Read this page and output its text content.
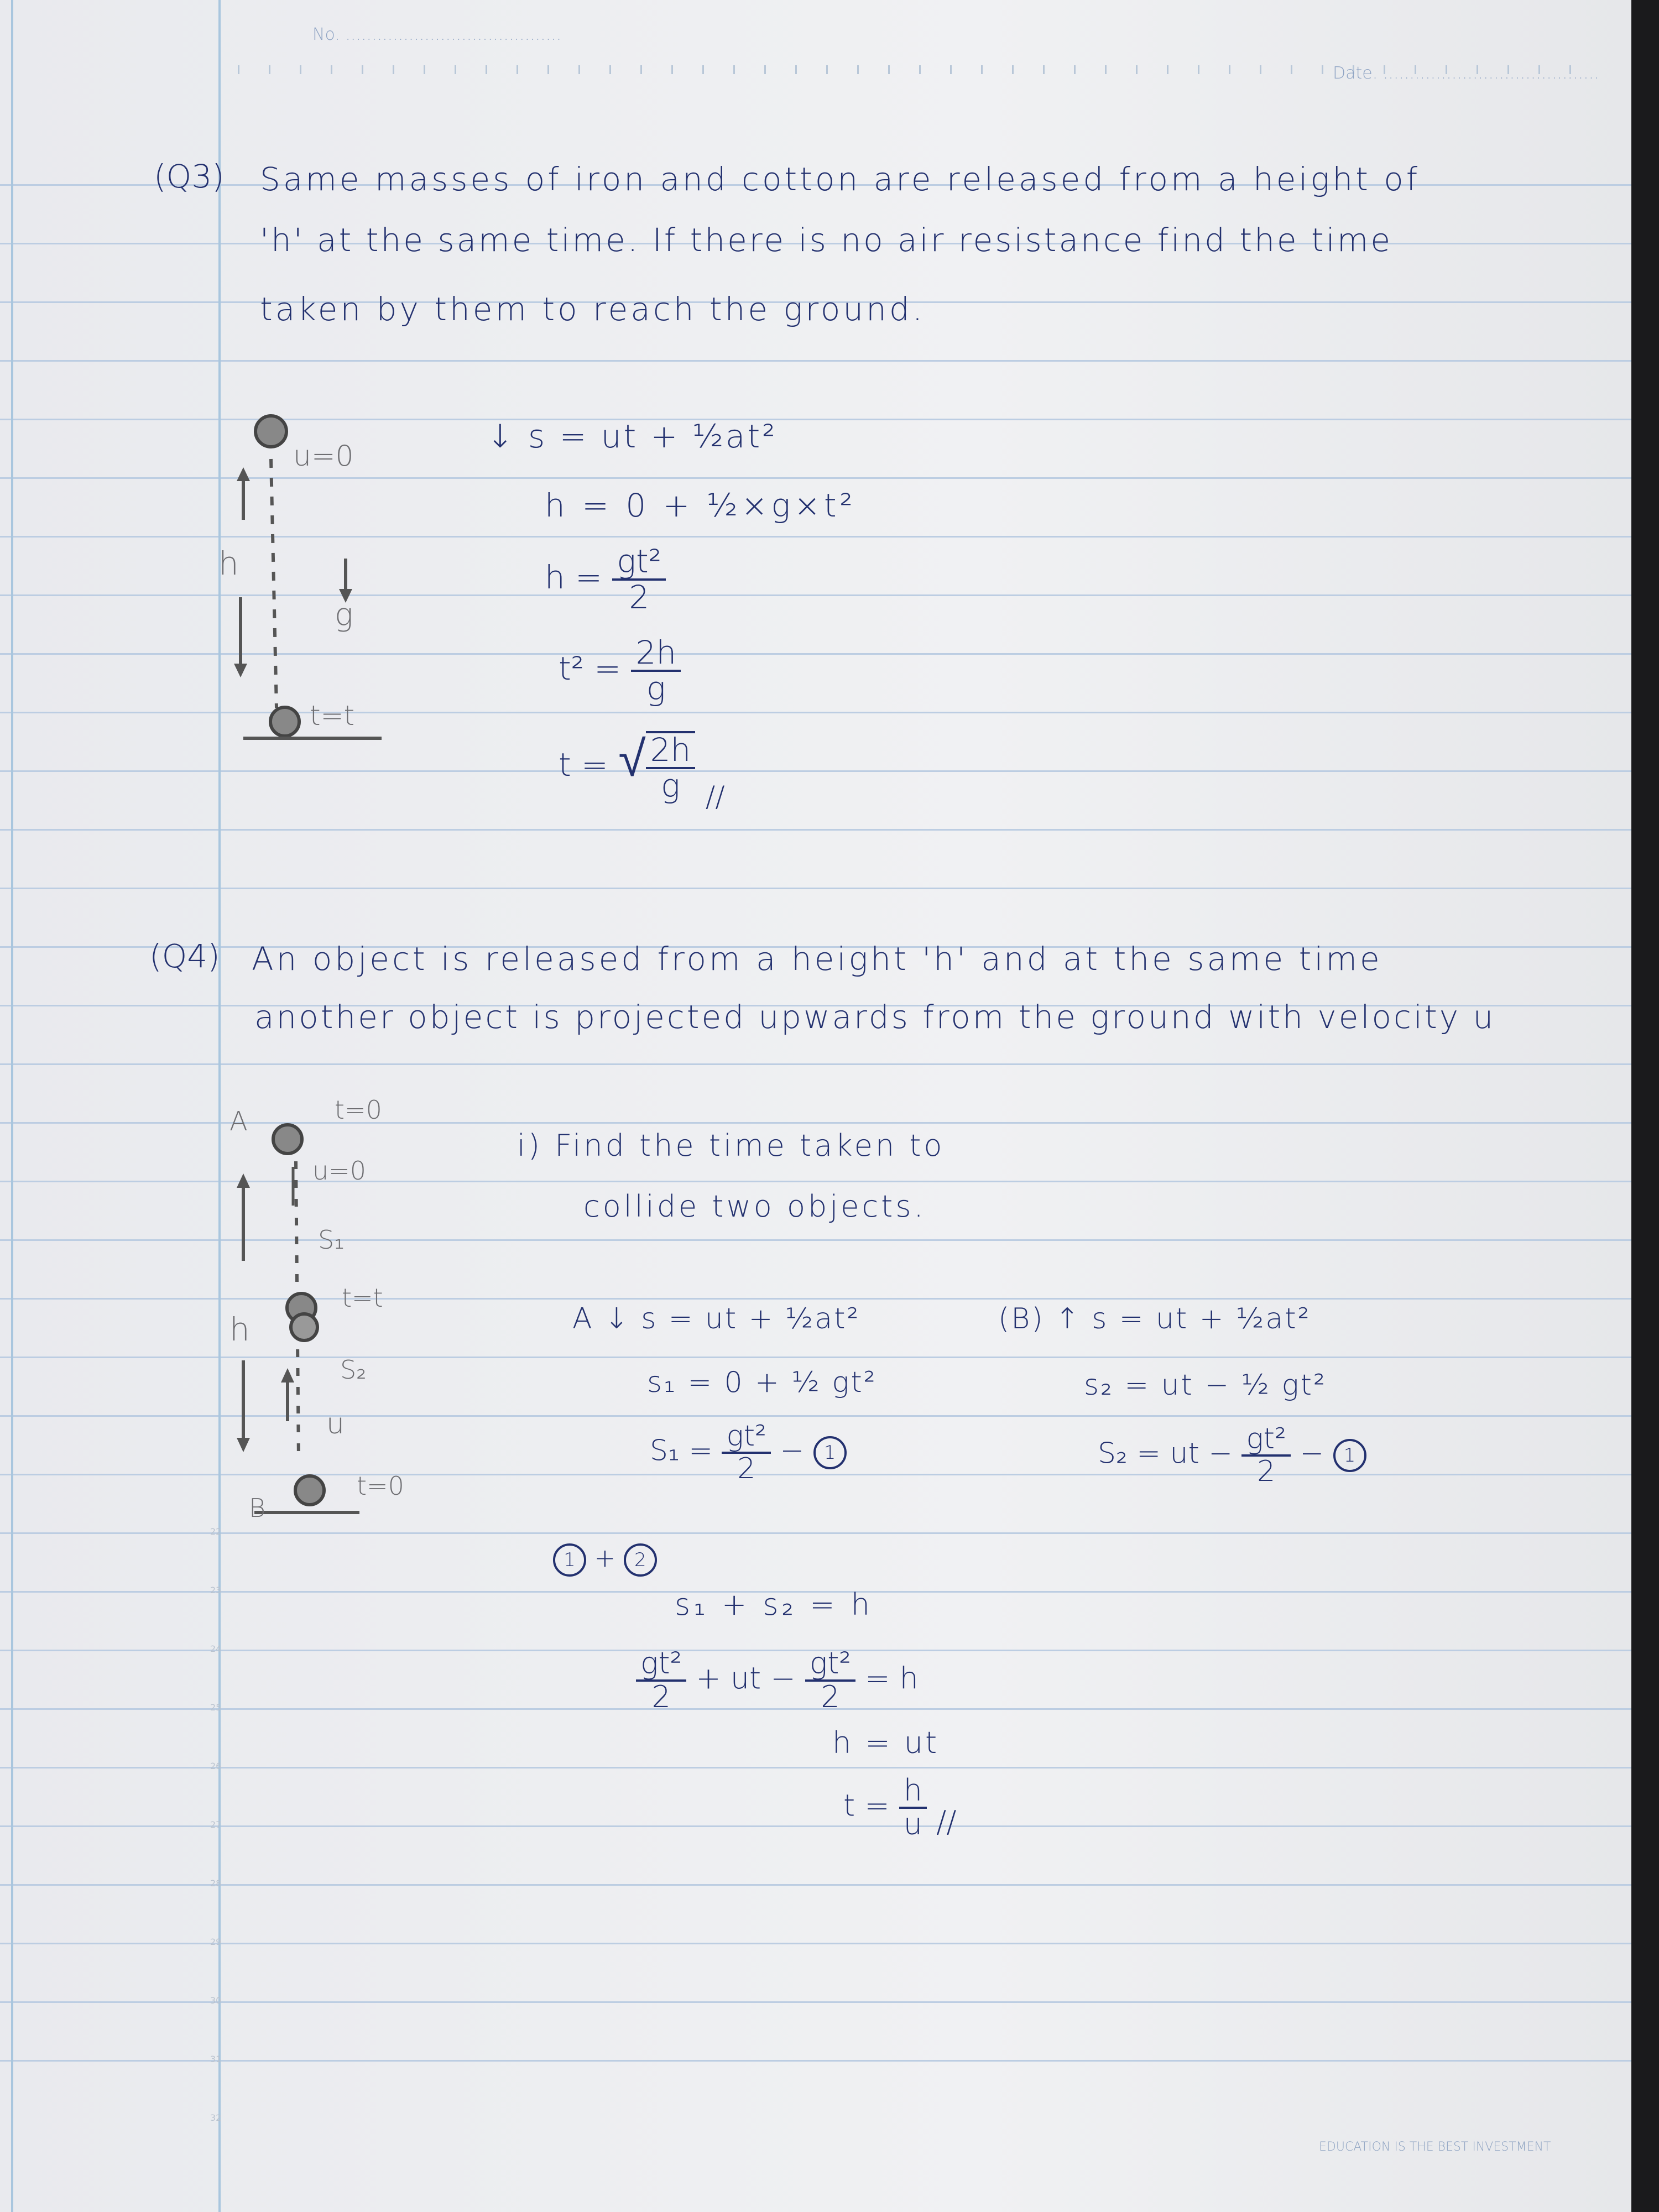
No. .........................................
Date. .........................................
(Q3) Same masses of iron and cotton are released from a height of
'h' at the same time. If there is no air resistance find the time
taken by them to reach the ground.
u=0
h
g
t=t
↓ s = ut + ½at²
h = 0 + ½×g×t²
$h = \frac{\text{gt²}}{2}$
$t^2 = \frac{2h}{g}$
t = √ $\frac{2h}{g}$ //
(Q4) An object is released from a height 'h' and at the same time
another object is projected upwards from the ground with velocity u
A	t=0
u=0
S₁
t=t
h
S₂
u
B
t=0
i) Find the time taken to
collide two objects.
A ↓ s = ut + ½at²
s₁ = 0 + ½ gt²
$S_1 = \frac{\text{gt²}}{2} - 1$
(B) ↑ s = ut + ½at²
s₂ = ut − ½ gt²
S₂ = ut − $\frac{\text{gt²}}{2} - 1$
1 + 2
s₁ + s₂ = h
$\frac{\text{gt²}}{2}$ + ut − $\frac{\text{gt²}}{2} = h$
h = ut
$t = \frac{h}{u}$ //
22
23
24
25
26
27
28
29
30
31
32
EDUCATION IS THE BEST INVESTMENT
